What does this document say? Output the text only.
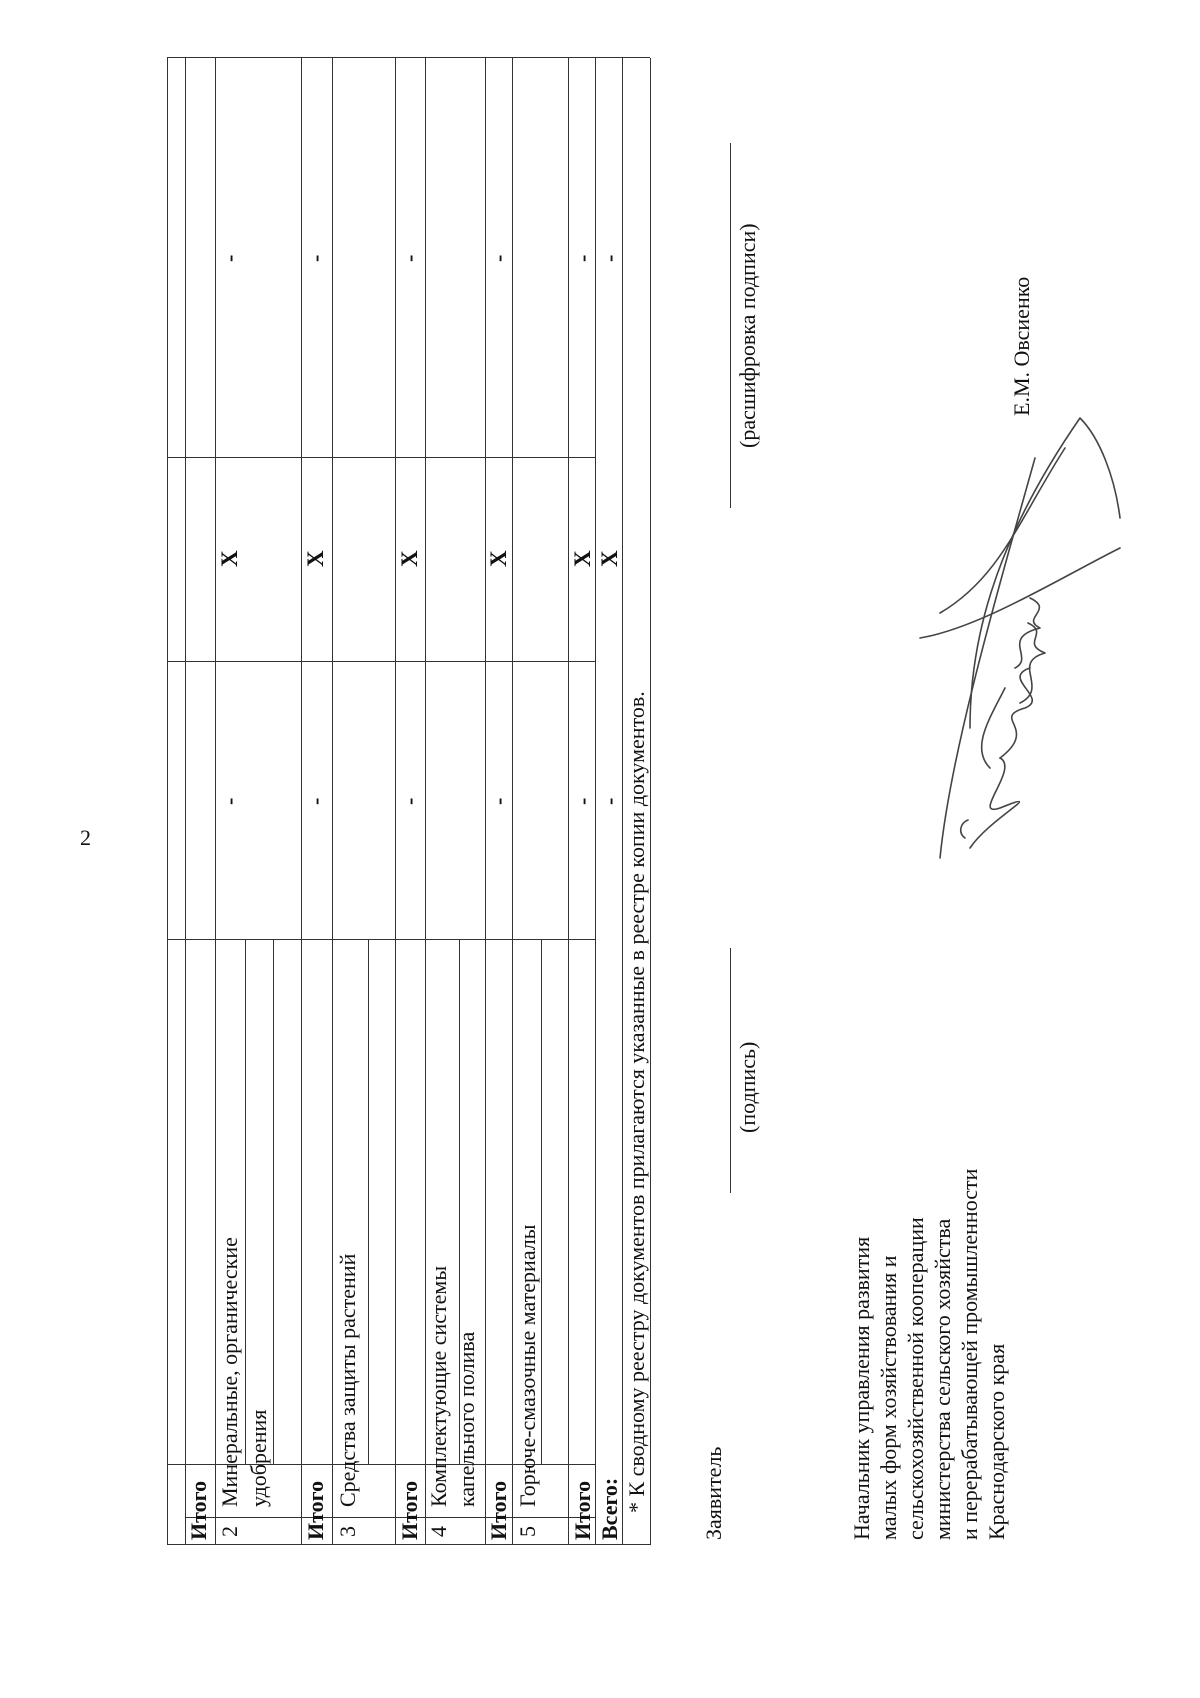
2
Итого 2
Минеральные, органические удобрения
-
X
-
Итого
-
X
-
3
Средства защиты растений
Итого
-
X
-
4
Комплектующие системы капельного полива
Итого
-
X
-
5
Горюче-смазочные материалы
Итого
-
X
-
Всего:
-
X
-
* К сводному реестру документов прилагаются указанные в реестре копии документов. Заявитель
(подпись)
(расшифровка подписи)
Начальник управления развития малых форм хозяйствования и сельскохозяйственной кооперации министерства сельского хозяйства и перерабатывающей промышленности Краснодарского края
Е.М. Овсиенко
